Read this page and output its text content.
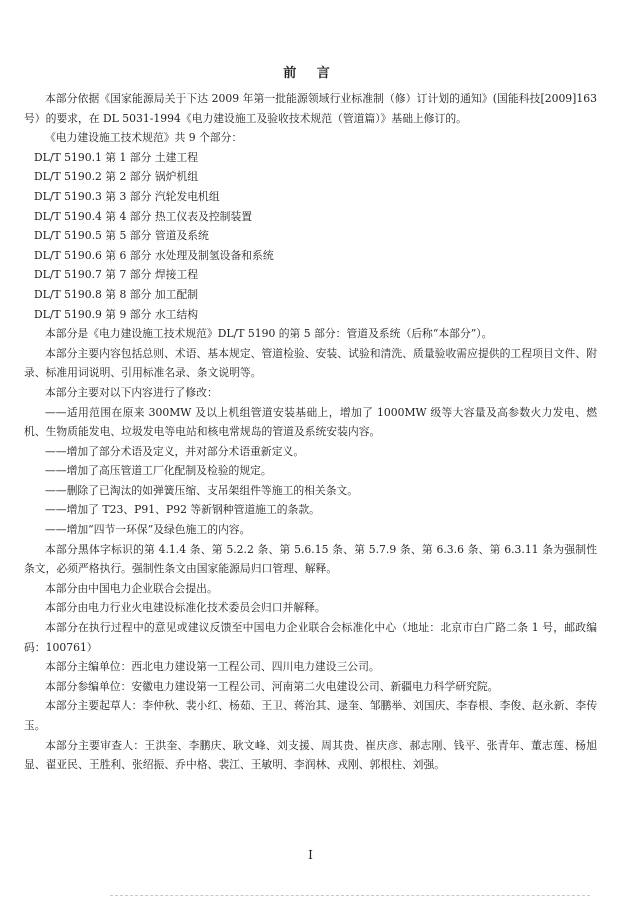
前 言

本部分依据《国家能源局关于下达 2009 年第一批能源领域行业标准制（修）订计划的通知》(国能科技[2009]163 号）的要求，在 DL 5031-1994《电力建设施工及验收技术规范（管道篇）》基础上修订的。

《电力建设施工技术规范》共 9 个部分：

DL/T 5190.1 第 1 部分 土建工程

DL/T 5190.2 第 2 部分 锅炉机组

DL/T 5190.3 第 3 部分 汽轮发电机组

DL/T 5190.4 第 4 部分 热工仪表及控制装置

DL/T 5190.5 第 5 部分 管道及系统

DL/T 5190.6 第 6 部分 水处理及制氢设备和系统

DL/T 5190.7 第 7 部分 焊接工程

DL/T 5190.8 第 8 部分 加工配制

DL/T 5190.9 第 9 部分 水工结构

本部分是《电力建设施工技术规范》DL/T 5190 的第 5 部分：管道及系统（后称“本部分”）。

本部分主要内容包括总则、术语、基本规定、管道检验、安装、试验和清洗、质量验收需应提供的工程项目文件、附录、标准用词说明、引用标准名录、条文说明等。

本部分主要对以下内容进行了修改：

——适用范围在原来 300MW 及以上机组管道安装基础上，增加了 1000MW 级等大容量及高参数火力发电、燃机、生物质能发电、垃圾发电等电站和核电常规岛的管道及系统安装内容。

——增加了部分术语及定义，并对部分术语重新定义。

——增加了高压管道工厂化配制及检验的规定。

——删除了已淘汰的如弹簧压缩、支吊架组件等施工的相关条文。

——增加了 T23、P91、P92 等新钢种管道施工的条款。

——增加“四节一环保”及绿色施工的内容。

本部分黑体字标识的第 4.1.4 条、第 5.2.2 条、第 5.6.15 条、第 5.7.9 条、第 6.3.6 条、第 6.3.11 条为强制性条文，必须严格执行。强制性条文由国家能源局归口管理、解释。

本部分由中国电力企业联合会提出。

本部分由电力行业火电建设标准化技术委员会归口并解释。

本部分在执行过程中的意见或建议反馈至中国电力企业联合会标准化中心（地址：北京市白广路二条 1 号，邮政编码：100761）

本部分主编单位：西北电力建设第一工程公司、四川电力建设三公司。

本部分参编单位：安徽电力建设第一工程公司、河南第二火电建设公司、新疆电力科学研究院。

本部分主要起草人：李仲秋、裴小红、杨茹、王卫、蒋治其、逯奎、邹鹏举、刘国庆、李春根、李俊、赵永新、李传玉。

本部分主要审查人：王洪奎、李鹏庆、耿文峰、刘支援、周其贵、崔庆彦、郝志刚、钱平、张青年、董志莲、杨旭显、翟亚民、王胜利、张绍振、乔中格、裴江、王敏明、李润林、戎刚、郭根柱、刘强。

I
